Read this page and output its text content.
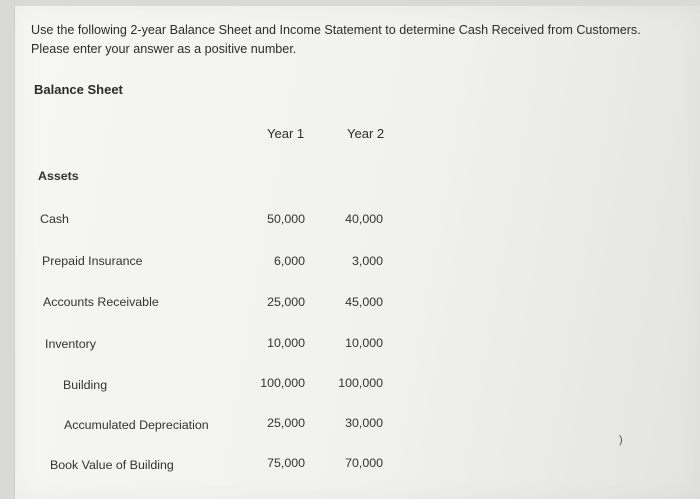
Use the following 2-year Balance Sheet and Income Statement to determine Cash Received from Customers.

Please enter your answer as a positive number.

Balance Sheet
Year 1	Year 2
Assets
Cash	50,000	40,000
Prepaid Insurance	6,000	3,000
Accounts Receivable	25,000	45,000
Inventory	10,000	10,000
Building	100,000	100,000
Accumulated Depreciation	25,000	30,000
Book Value of Building	75,000	70,000
)
